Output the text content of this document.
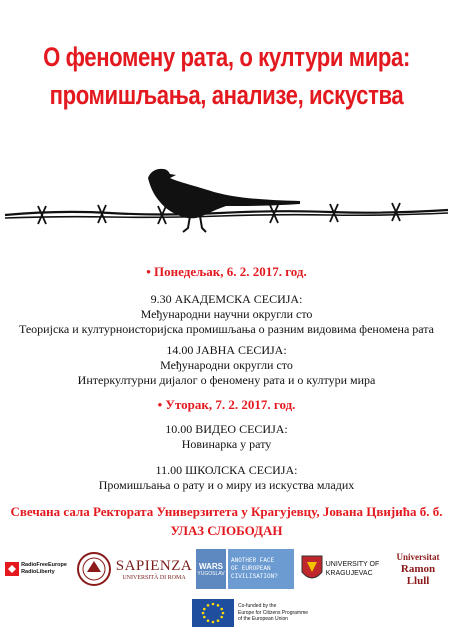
О феномену рата, о култури мира:
промишљања, анализе, искуства
• Понедељак, 6. 2. 2017. год.
9.30 АКАДЕМСКА СЕСИЈА:
Међународни научни округли сто
Теоријска и културноисторијска промишљања о разним видовима феномена рата
14.00 ЈАВНА СЕСИЈА:
Међународни округли сто
Интеркултурни дијалог о феномену рата и о култури мира
• Уторак, 7. 2. 2017. год.
10.00 ВИДЕО СЕСИЈА:
Новинарка у рату
11.00 ШКОЛСКА СЕСИЈА:
Промишљања о рату и о миру из искуства младих
Свечана сала Ректората Универзитета у Крагујевцу, Јована Цвијића б. б.
УЛАЗ СЛОБОДАН
RadioFreeEurope
RadioLiberty	SAPIENZA
UNIVERSITÀ DI ROMA
WARS
YUGOSLAV
ANOTHER FACE
OF EUROPEAN
CIVILISATION?
UNIVERSITY OF
KRAGUJEVAC
Universitat
Ramon
Llull
Co-funded by the
Europe for Citizens Programme
of the European Union
